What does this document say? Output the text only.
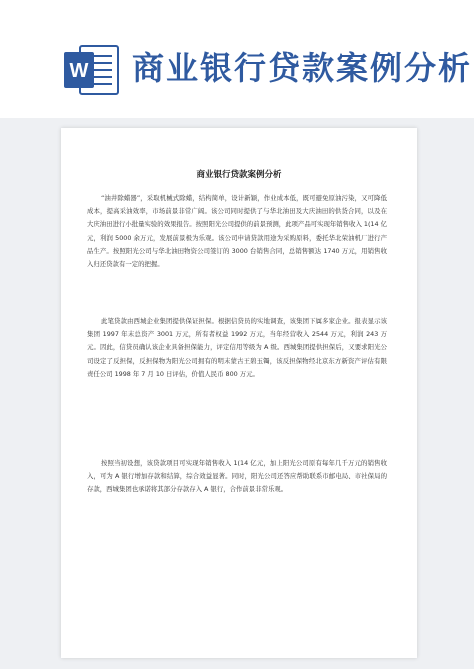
W 商业银行贷款案例分析
商业银行贷款案例分析
“油井除蜡器”，采取机械式除蜡，结构简单，设计新颖，作业成本低，既可避免原油污染，又可降低成本，提高采油效率，市场前景非常广阔。该公司同时提供了与华北油田及大庆油田的供货合同，以及在大庆油田进行小批量实验的效果报告。按照阳光公司提供的前景预测，此项产品可实现年销售收入 1(14 亿元，利润 5000 余万元，发展前景极为乐观。该公司申请贷款用途为采购原料，委托华北荣油机厂进行产品生产。按照阳光公司与华北油田物资公司签订的 3000 台销售合同，总销售额达 1740 万元，用销售收入归还贷款有一定的把握。
此笔贷款由西城企业集团提供保证担保。根据信贷员的实地调查，该集团下属多家企业。报表显示该集团 1997 年末总资产 3001 万元，所有者权益 1992 万元，当年经营收入 2544 万元，利润 243 万元。因此，信贷员确认该企业具备担保能力，评定信用等级为 A 级。西城集团提供担保后，又要求阳光公司设定了反担保，反担保物为阳光公司拥有的明末蒙古王碧玉镯，该反担保物经北京东方新资产评估有限责任公司 1998 年 7 月 10 日评估，价值人民币 800 万元。
按照当初设想，该贷款项目可实现年销售收入 1(14 亿元，加上阳光公司原有每年几千万元的销售收入，可为 A 银行增加存款和结算，综合效益显著。同时，阳光公司还答应帮助联系市邮电局、市社保局的存款，西城集团也承诺将其部分存款存入 A 银行，合作前景非常乐观。
